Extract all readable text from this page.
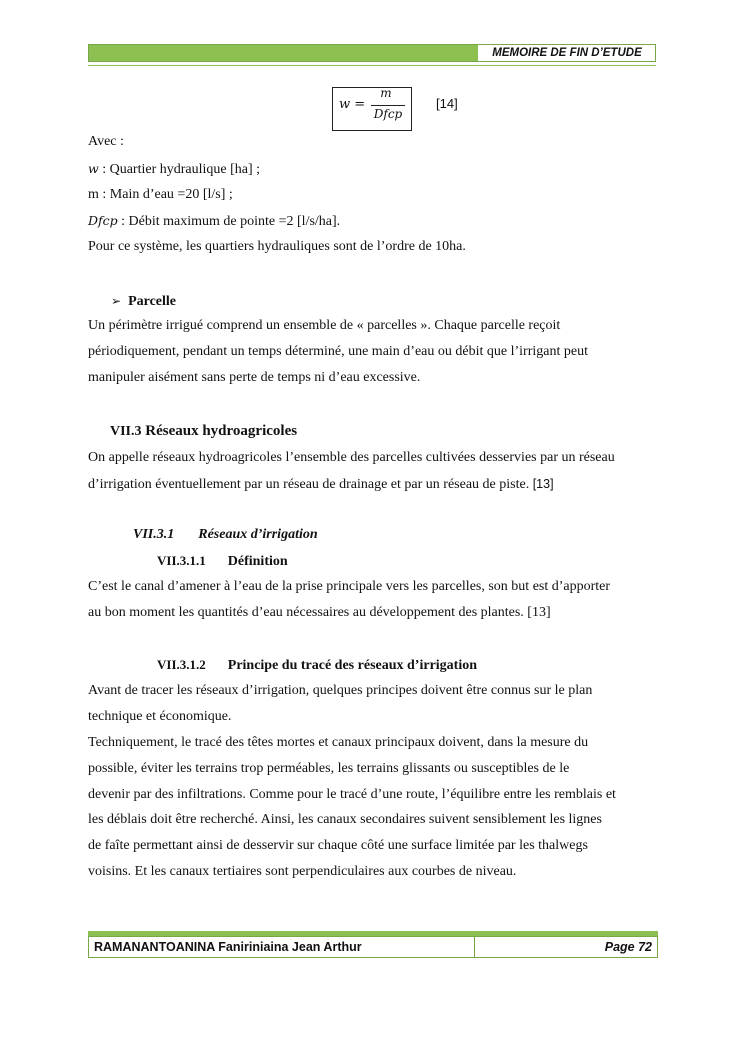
MEMOIRE DE FIN D’ETUDE
w =
m
Dfcp
[14]
Avec :
w : Quartier hydraulique [ha] ;
m : Main d’eau =20 [l/s] ;
Dfcp : Débit maximum de pointe =2 [l/s/ha].
Pour ce système, les quartiers hydrauliques sont de l’ordre de 10ha.
➢ Parcelle
Un périmètre irrigué comprend un ensemble de « parcelles ». Chaque parcelle reçoit
périodiquement, pendant un temps déterminé, une main d’eau ou débit que l’irrigant peut
manipuler aisément sans perte de temps ni d’eau excessive.
VII.3 Réseaux hydroagricoles
On appelle réseaux hydroagricoles l’ensemble des parcelles cultivées desservies par un réseau
d’irrigation éventuellement par un réseau de drainage et par un réseau de piste. [13]
VII.3.1 Réseaux d’irrigation
VII.3.1.1 Définition
C’est le canal d’amener à l’eau de la prise principale vers les parcelles, son but est d’apporter
au bon moment les quantités d’eau nécessaires au développement des plantes. [13]
VII.3.1.2 Principe du tracé des réseaux d’irrigation
Avant de tracer les réseaux d’irrigation, quelques principes doivent être connus sur le plan
technique et économique.
Techniquement, le tracé des têtes mortes et canaux principaux doivent, dans la mesure du
possible, éviter les terrains trop perméables, les terrains glissants ou susceptibles de le
devenir par des infiltrations. Comme pour le tracé d’une route, l’équilibre entre les remblais et
les déblais doit être recherché. Ainsi, les canaux secondaires suivent sensiblement les lignes
de faîte permettant ainsi de desservir sur chaque côté une surface limitée par les thalwegs
voisins. Et les canaux tertiaires sont perpendiculaires aux courbes de niveau.
RAMANANTOANINA Faniriniaina Jean Arthur	Page 72
